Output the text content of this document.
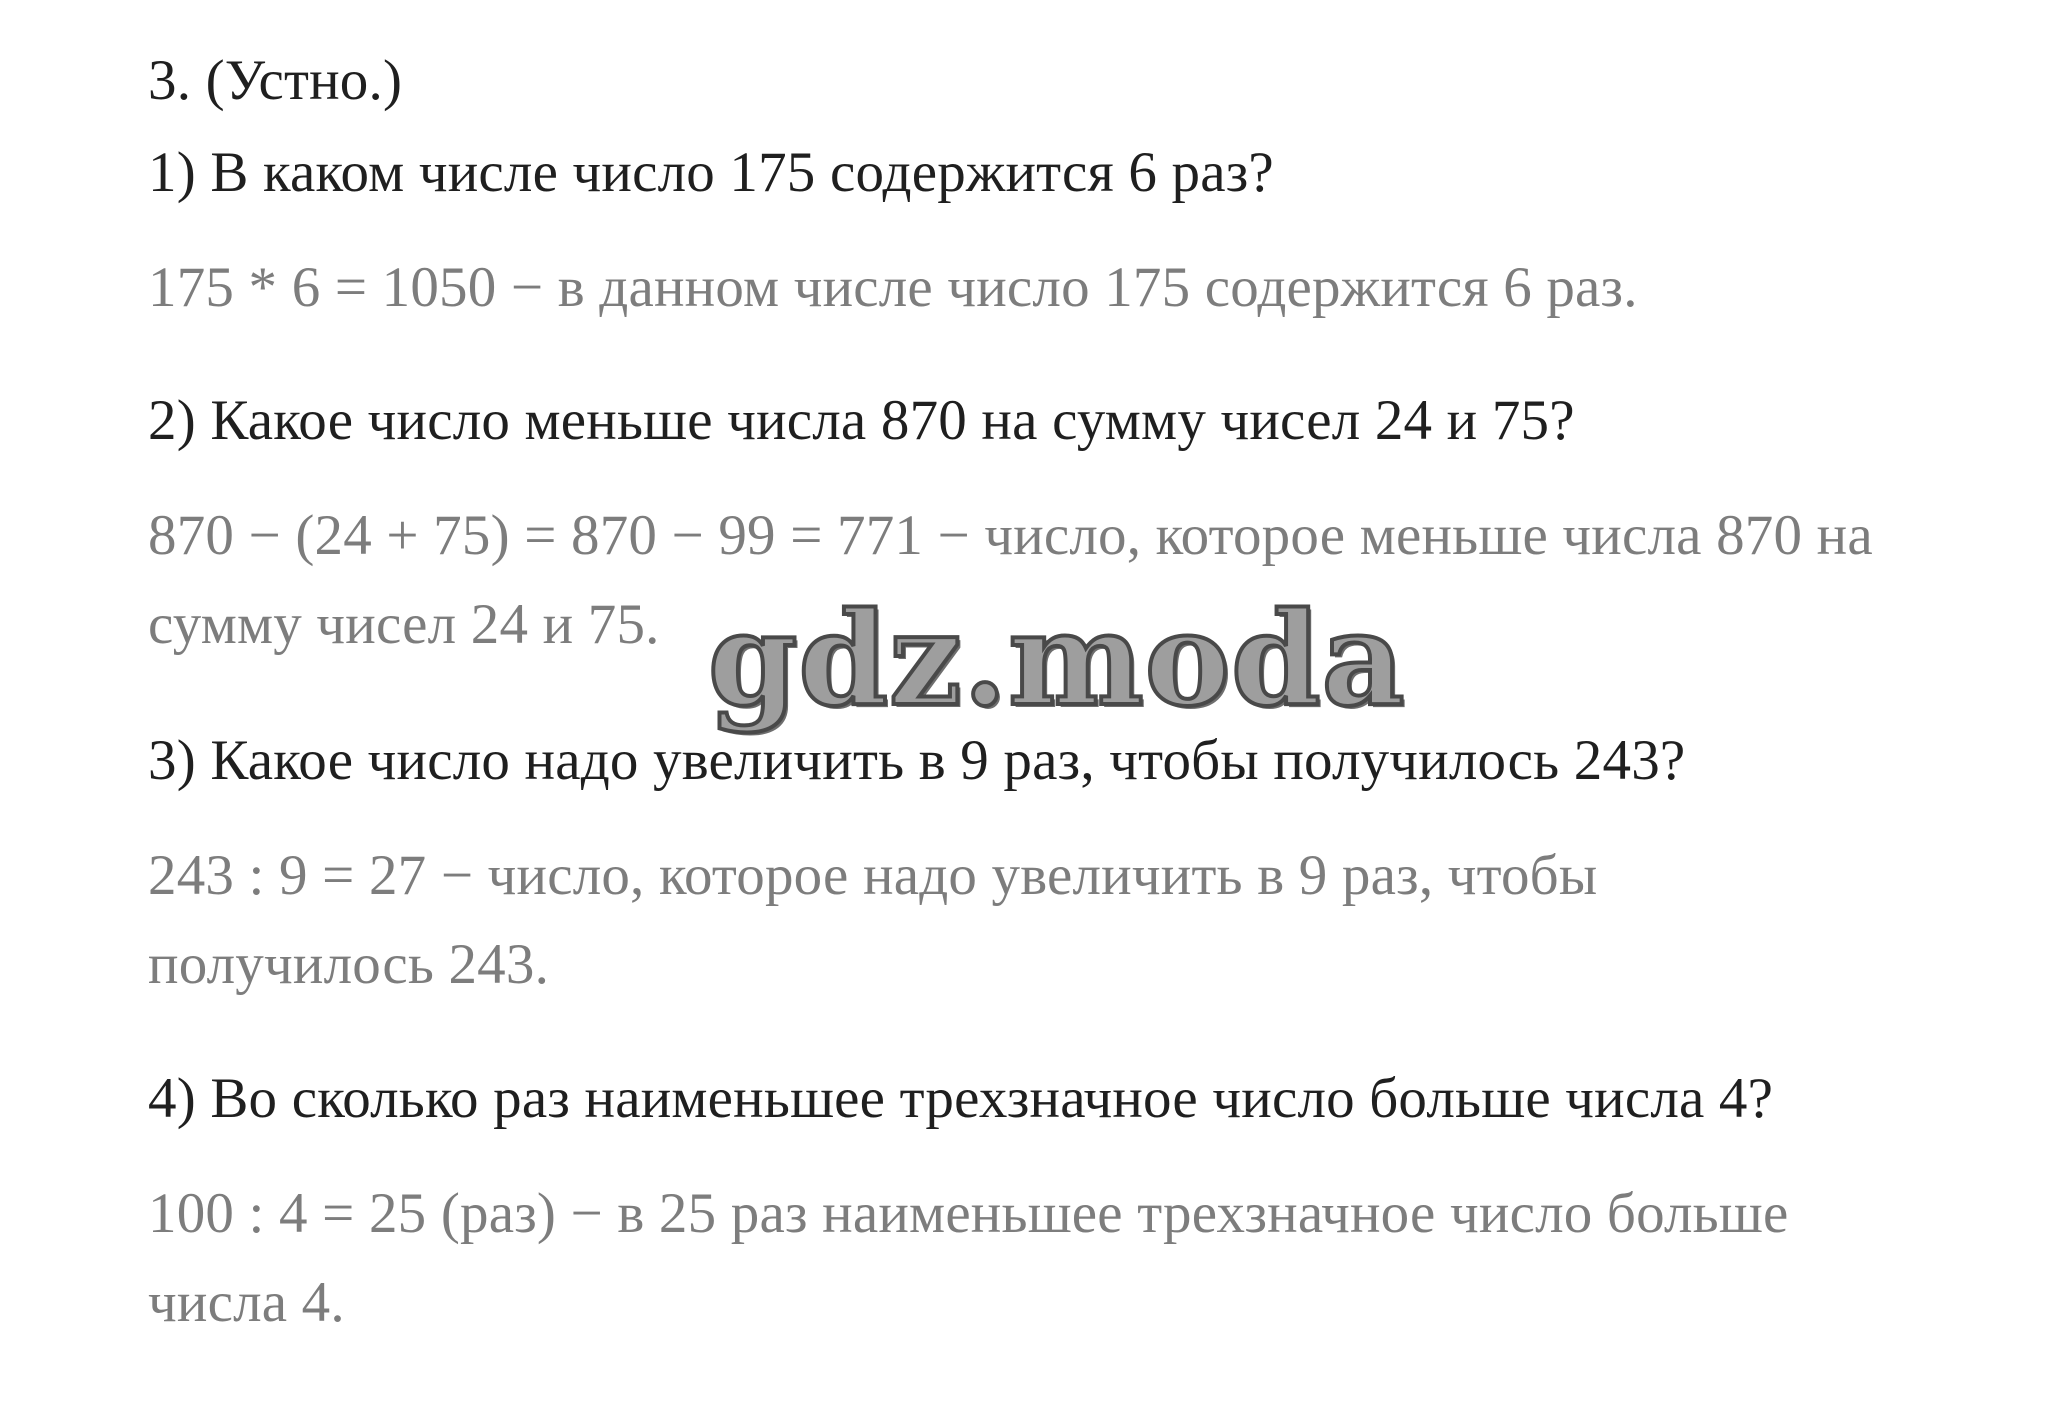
3. (Устно.)
1) В каком числе число 175 содержится 6 раз?
175 * 6 = 1050 − в данном числе число 175 содержится 6 раз.
2) Какое число меньше числа 870 на сумму чисел 24 и 75?
870 − (24 + 75) = 870 − 99 = 771 − число, которое меньше числа 870 на
сумму чисел 24 и 75.
3) Какое число надо увеличить в 9 раз, чтобы получилось 243?
243 : 9 = 27 − число, которое надо увеличить в 9 раз, чтобы
получилось 243.
4) Во сколько раз наименьшее трехзначное число больше числа 4?
100 : 4 = 25 (раз) − в 25 раз наименьшее трехзначное число больше
числа 4.
gdz.moda
